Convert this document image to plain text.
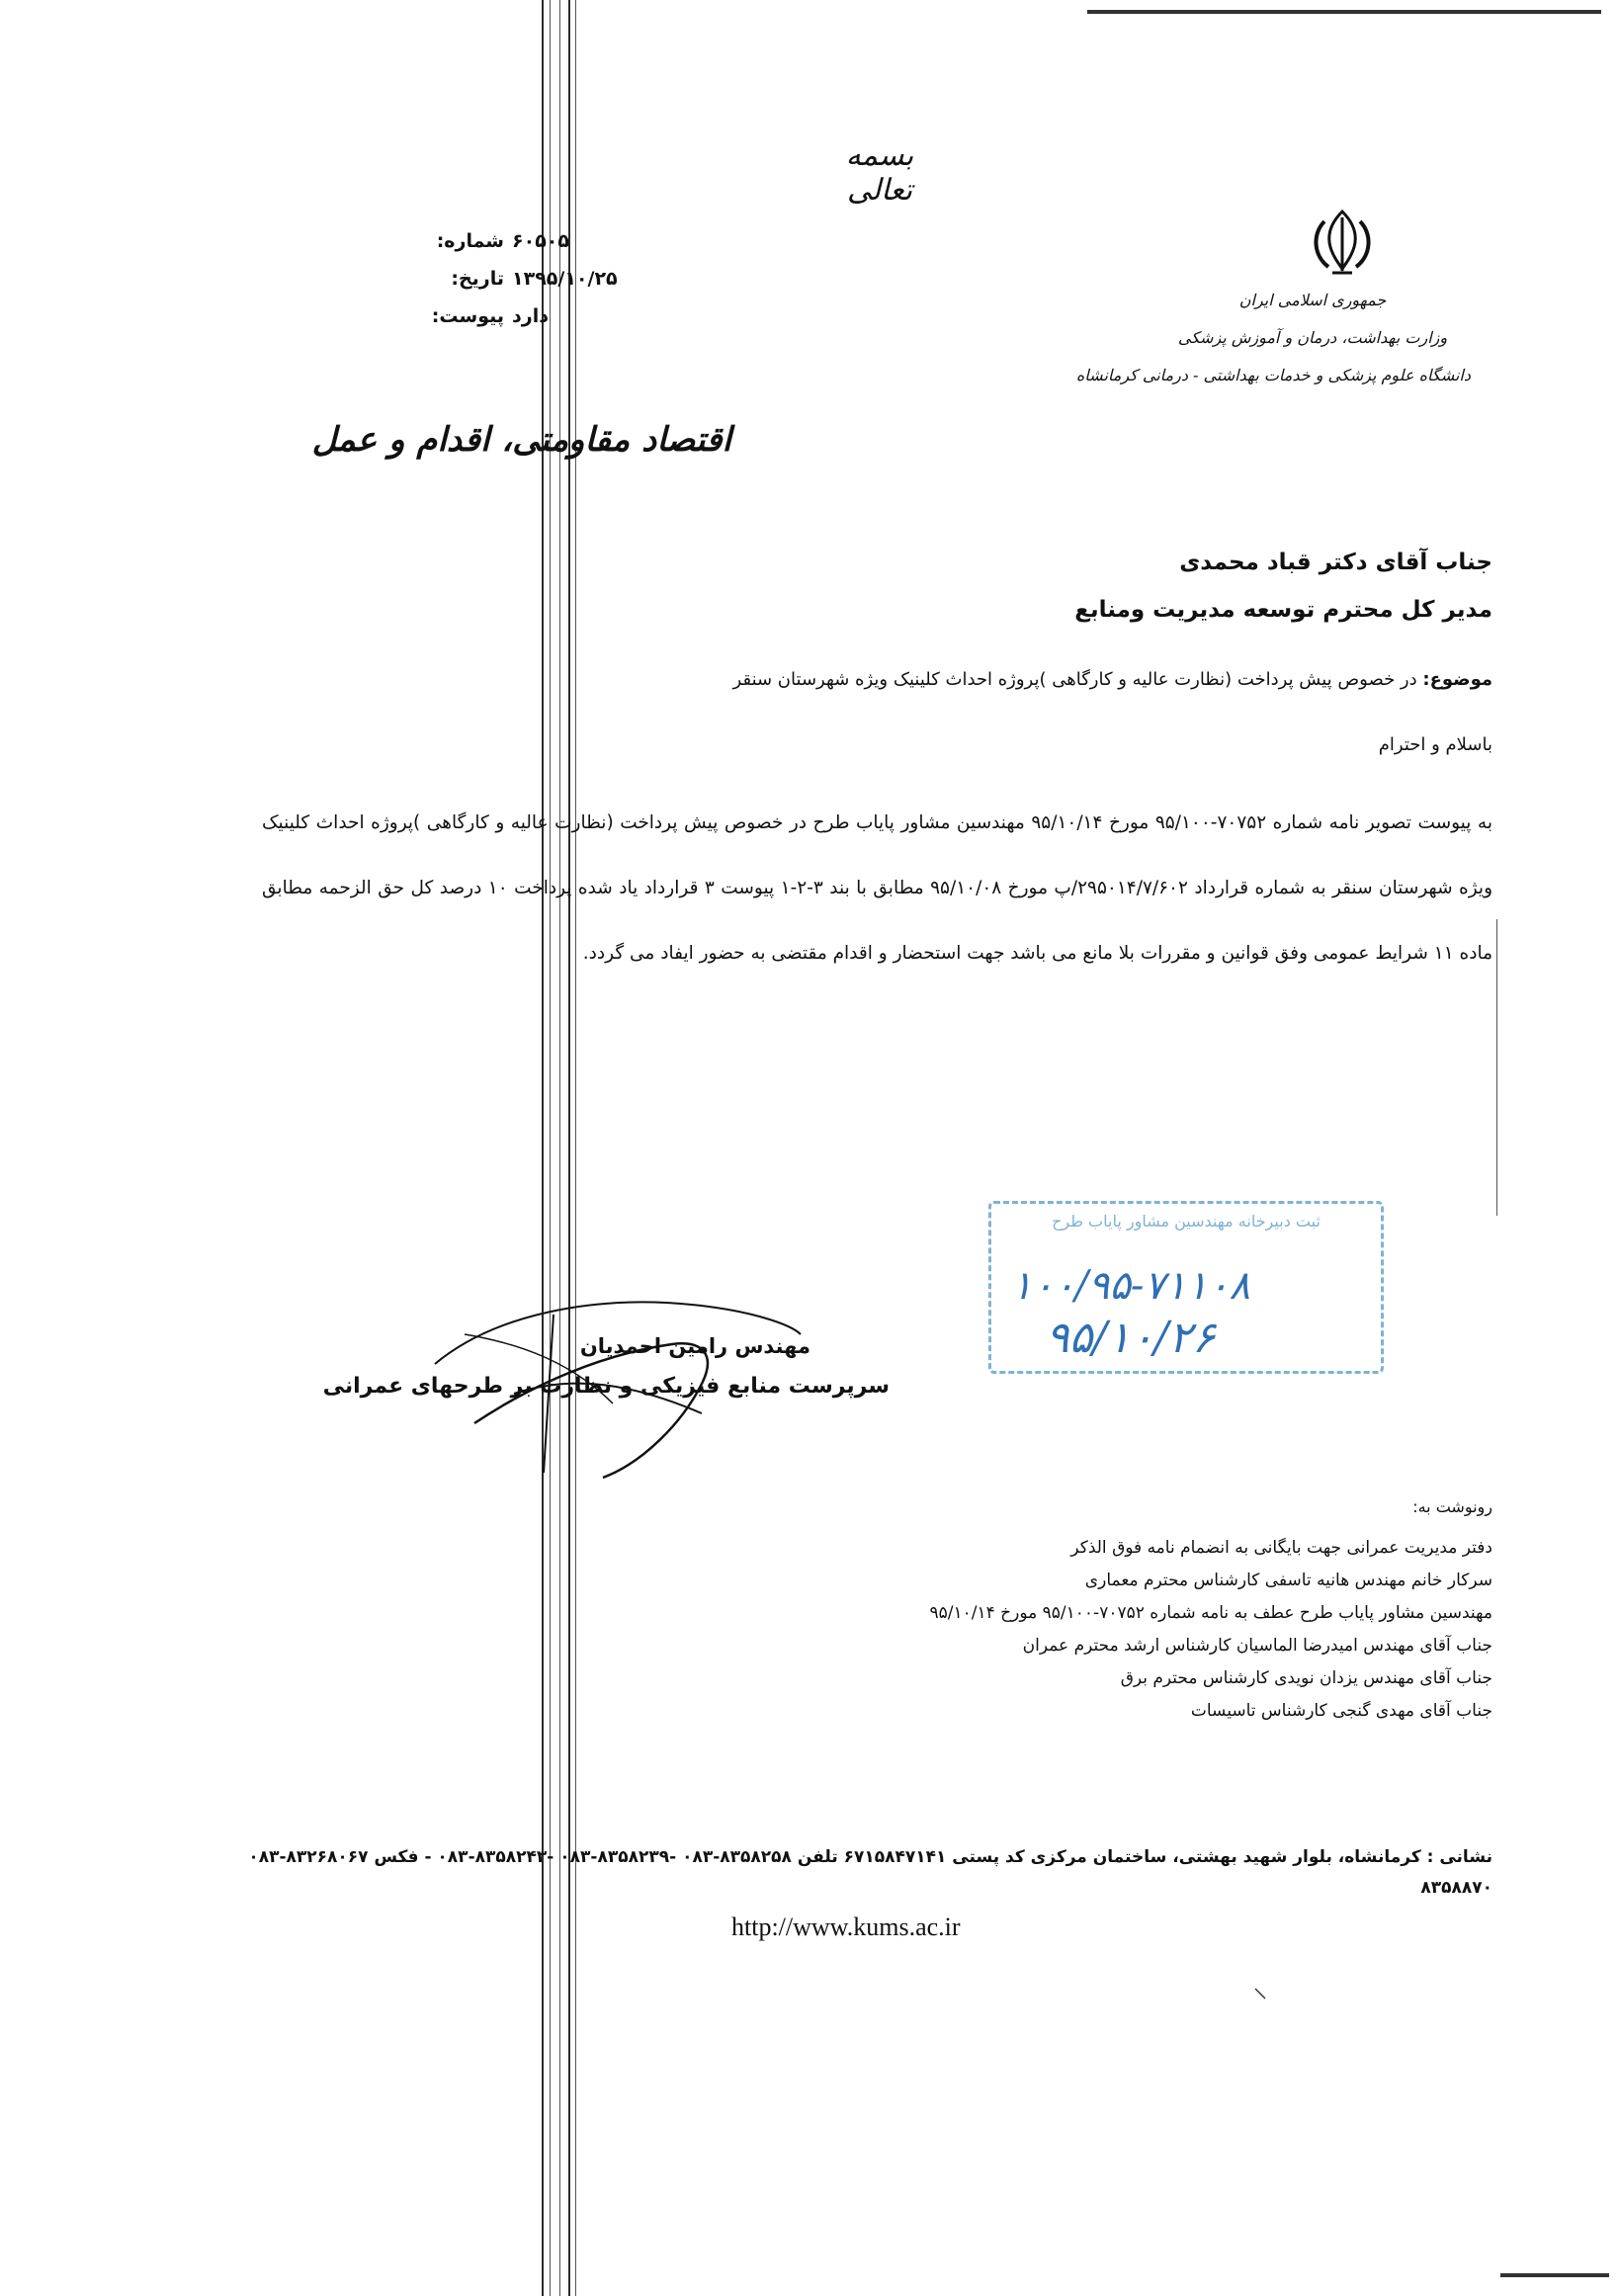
بسمه تعالی
جمهوری اسلامی ایران
وزارت بهداشت، درمان و آموزش پزشکی
دانشگاه علوم پزشکی و خدمات بهداشتی - درمانی کرمانشاه
شماره: ۶۰۵۰۵
تاریخ: ۱۳۹۵/۱۰/۲۵
پیوست: دارد
اقتصاد مقاومتی، اقدام و عمل
جناب آقای دکتر قباد محمدی
مدیر کل محترم توسعه مدیریت ومنابع
موضوع: در خصوص پیش پرداخت (نظارت عالیه و کارگاهی )پروژه احداث کلینیک ویژه شهرستان سنقر
باسلام و احترام

به پیوست تصویر نامه شماره ۷۰۷۵۲-۹۵/۱۰۰ مورخ ۹۵/۱۰/۱۴ مهندسین مشاور پایاب طرح در خصوص پیش پرداخت (نظارت عالیه و کارگاهی )پروژه احداث کلینیک ویژه شهرستان سنقر به شماره قرارداد ۲۹۵۰۱۴/۷/۶۰۲/پ مورخ ۹۵/۱۰/۰۸ مطابق با بند ۳-۲-۱ پیوست ۳ قرارداد یاد شده پرداخت ۱۰ درصد کل حق الزحمه مطابق ماده ۱۱ شرایط عمومی وفق قوانین و مقررات بلا مانع می باشد جهت استحضار و اقدام مقتضی به حضور ایفاد می گردد.

ثبت دبیرخانه مهندسین مشاور پایاب طرح
۱۰۰/۹۵-۷۱۱۰۸
۹۵/۱۰/۲۶
مهندس رامین احمدیان
سرپرست منابع فیزیکی و نظارت بر طرحهای عمرانی
رونوشت به:
دفتر مدیریت عمرانی جهت بایگانی به انضمام نامه فوق الذکر
سرکار خانم مهندس هانیه تاسفی کارشناس محترم معماری
مهندسین مشاور پایاب طرح عطف به نامه شماره ۷۰۷۵۲-۹۵/۱۰۰ مورخ ۹۵/۱۰/۱۴
جناب آقای مهندس امیدرضا الماسیان کارشناس ارشد محترم عمران
جناب آقای مهندس یزدان نویدی کارشناس محترم برق
جناب آقای مهدی گنجی کارشناس تاسیسات
نشانی : کرمانشاه، بلوار شهید بهشتی، ساختمان مرکزی کد پستی ۶۷۱۵۸۴۷۱۴۱ تلفن ۸۳۵۸۲۵۸-۰۸۳ -۸۳۵۸۲۳۹-۰۸۳ -۸۳۵۸۲۴۳-۰۸۳ - فکس ۸۳۲۶۸۰۶۷-۰۸۳
۸۳۵۸۸۷۰
http://www.kums.ac.ir
